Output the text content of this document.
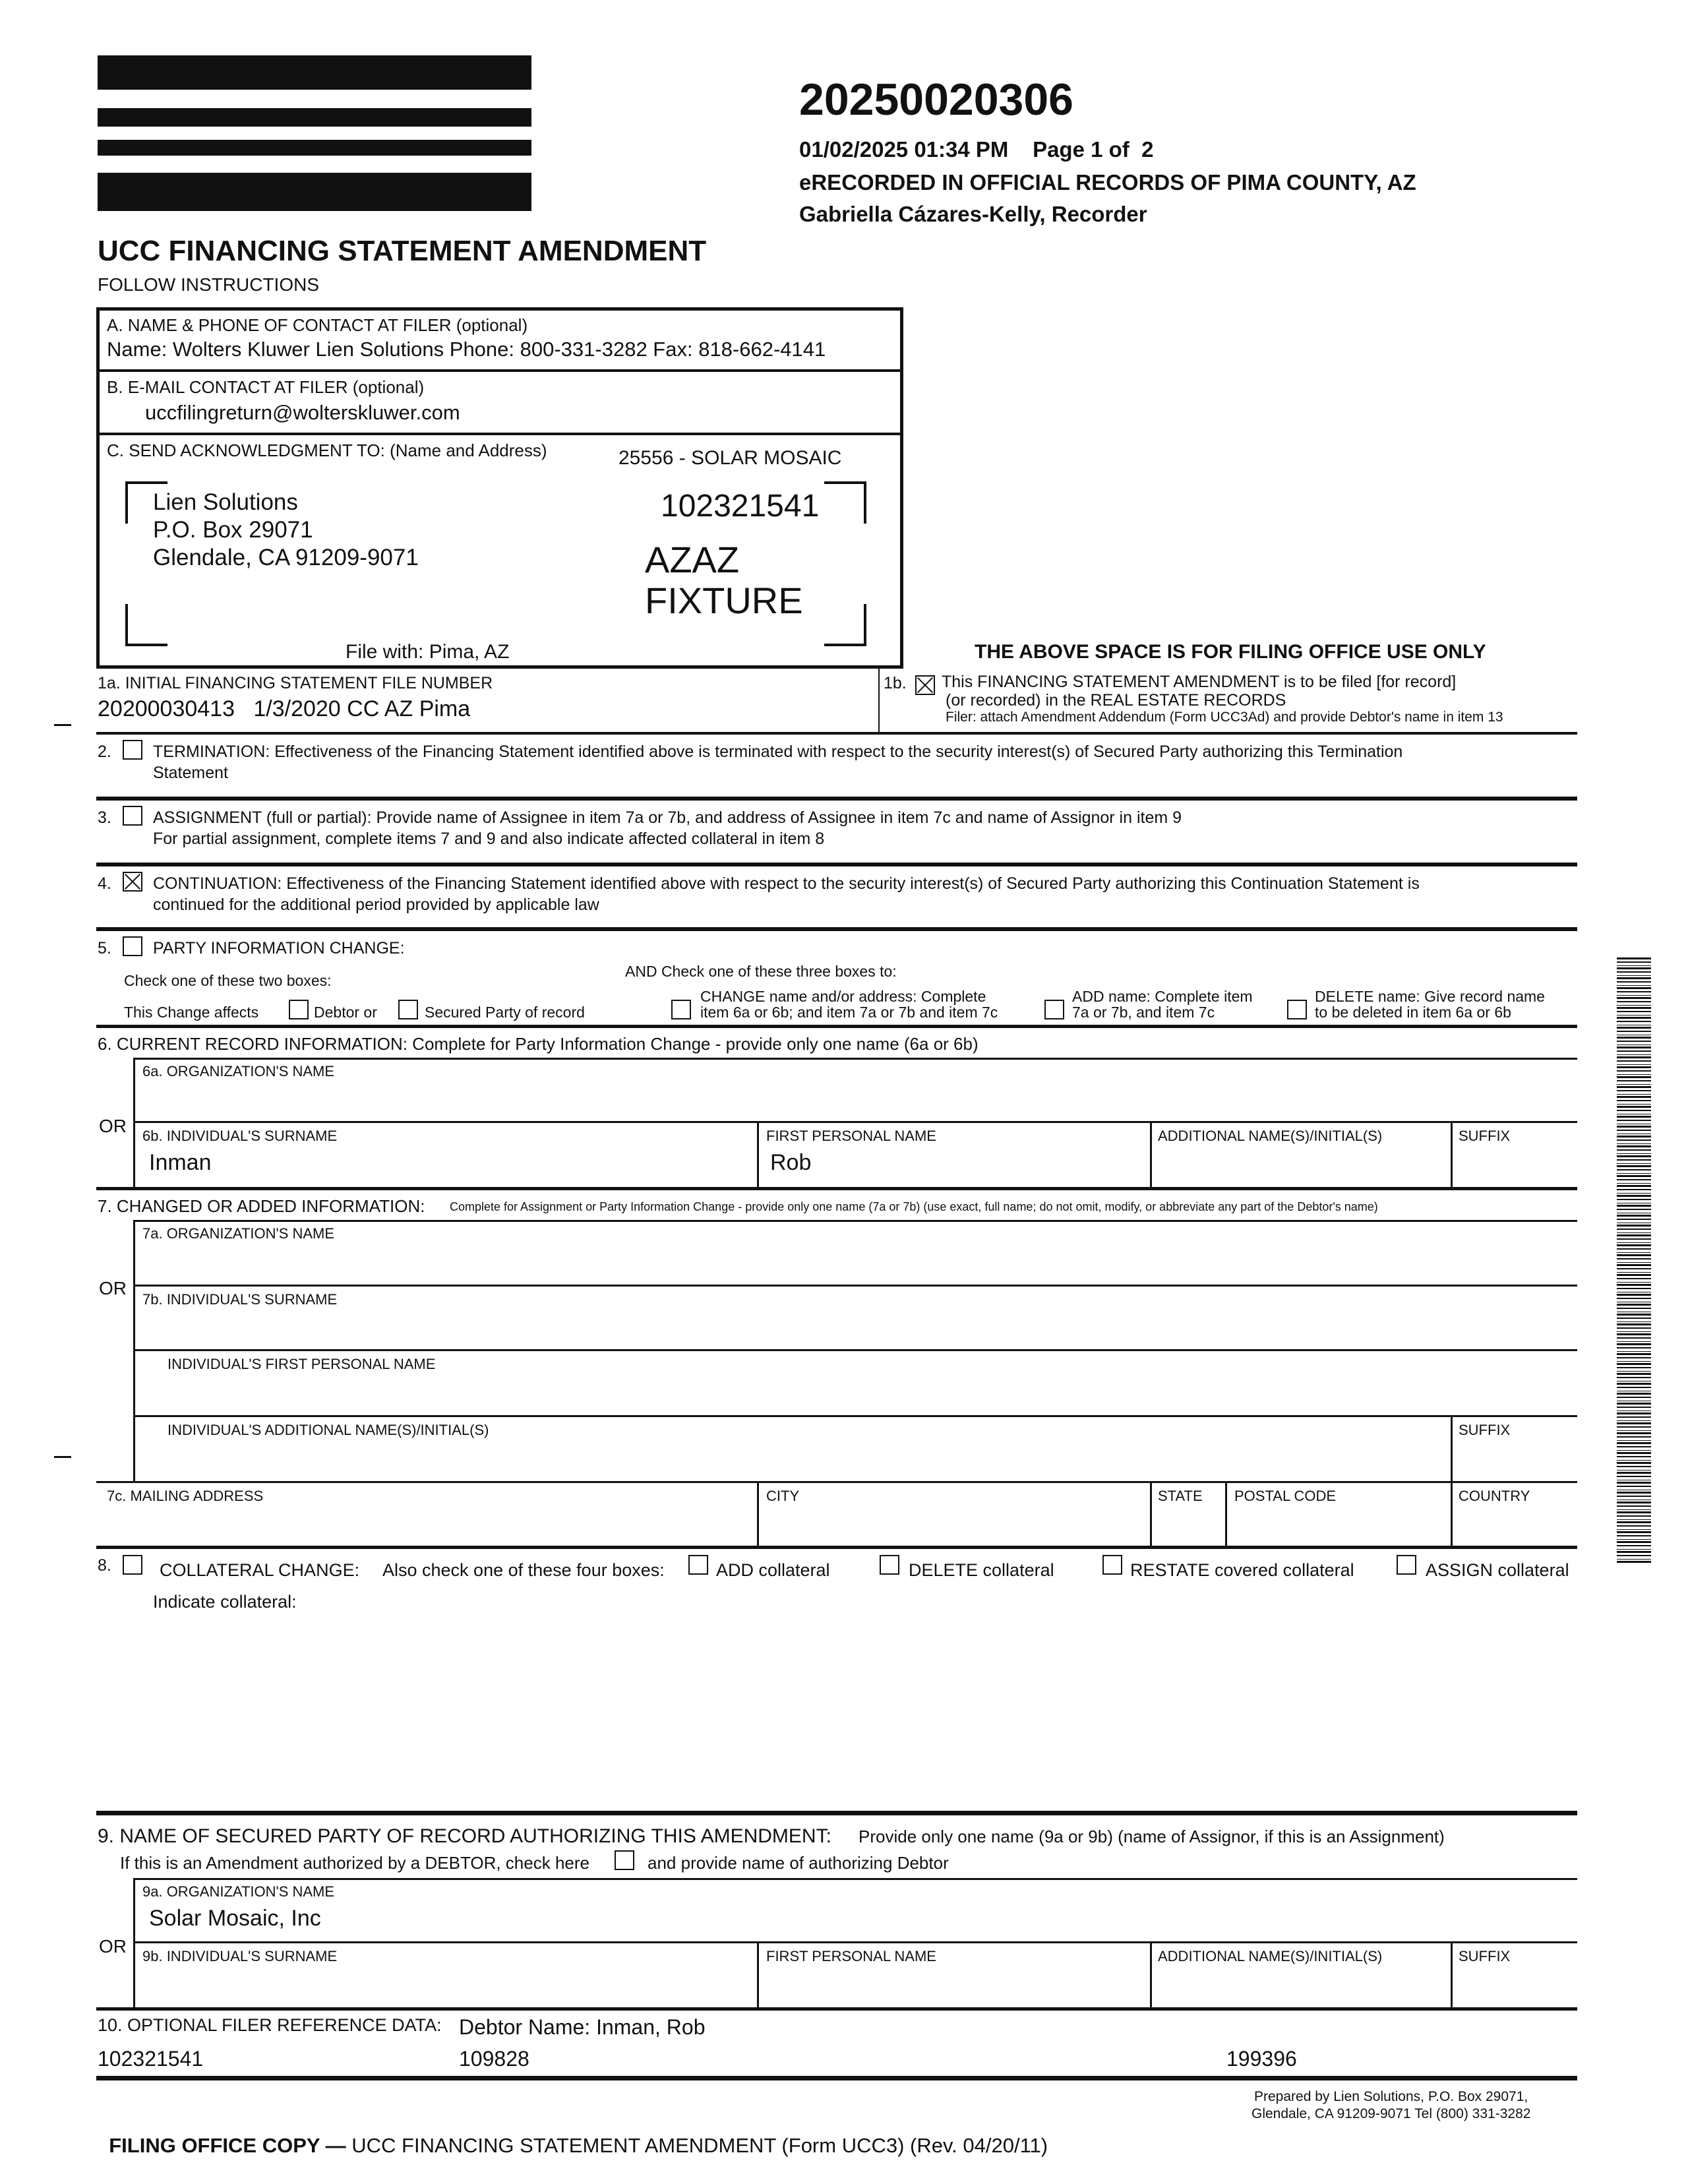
20250020306
01/02/2025 01:34 PM    Page 1 of  2
eRECORDED IN OFFICIAL RECORDS OF PIMA COUNTY, AZ
Gabriella Cázares-Kelly, Recorder
UCC FINANCING STATEMENT AMENDMENT
FOLLOW INSTRUCTIONS
A. NAME & PHONE OF CONTACT AT FILER (optional)
Name: Wolters Kluwer Lien Solutions Phone: 800-331-3282 Fax: 818-662-4141
B. E-MAIL CONTACT AT FILER (optional)
uccfilingreturn@wolterskluwer.com
C. SEND ACKNOWLEDGMENT TO: (Name and Address)	25556 - SOLAR MOSAIC
Lien Solutions
P.O. Box 29071
Glendale, CA 91209-9071
102321541
AZAZ
FIXTURE
File with: Pima, AZ	THE ABOVE SPACE IS FOR FILING OFFICE USE ONLY
1a. INITIAL FINANCING STATEMENT FILE NUMBER
20200030413   1/3/2020 CC AZ Pima
1b. This FINANCING STATEMENT AMENDMENT is to be filed [for record]
(or recorded) in the REAL ESTATE RECORDS
Filer: attach Amendment Addendum (Form UCC3Ad) and provide Debtor's name in item 13
2.	TERMINATION: Effectiveness of the Financing Statement identified above is terminated with respect to the security interest(s) of Secured Party authorizing this Termination
Statement
3.	ASSIGNMENT (full or partial): Provide name of Assignee in item 7a or 7b, and address of Assignee in item 7c and name of Assignor in item 9
For partial assignment, complete items 7 and 9 and also indicate affected collateral in item 8
4.	CONTINUATION: Effectiveness of the Financing Statement identified above with respect to the security interest(s) of Secured Party authorizing this Continuation Statement is
continued for the additional period provided by applicable law
5.	PARTY INFORMATION CHANGE:
Check one of these two boxes:
AND Check one of these three boxes to:
This Change affects	Debtor or	Secured Party of record
CHANGE name and/or address: Complete
item 6a or 6b; and item 7a or 7b and item 7c
ADD name: Complete item
7a or 7b, and item 7c
DELETE name: Give record name
to be deleted in item 6a or 6b
6. CURRENT RECORD INFORMATION: Complete for Party Information Change - provide only one name (6a or 6b)
6a. ORGANIZATION'S NAME
OR 6b. INDIVIDUAL'S SURNAME
Inman
FIRST PERSONAL NAME
Rob
ADDITIONAL NAME(S)/INITIAL(S)	SUFFIX
7. CHANGED OR ADDED INFORMATION: Complete for Assignment or Party Information Change - provide only one name (7a or 7b) (use exact, full name; do not omit, modify, or abbreviate any part of the Debtor's name)
7a. ORGANIZATION'S NAME
OR
7b. INDIVIDUAL'S SURNAME
INDIVIDUAL'S FIRST PERSONAL NAME
INDIVIDUAL'S ADDITIONAL NAME(S)/INITIAL(S)	SUFFIX
7c. MAILING ADDRESS	CITY	STATE POSTAL CODE	COUNTRY
8.	COLLATERAL CHANGE: Also check one of these four boxes:	ADD collateral	DELETE collateral	RESTATE covered collateral	ASSIGN collateral
Indicate collateral:
9. NAME OF SECURED PARTY OF RECORD AUTHORIZING THIS AMENDMENT: Provide only one name (9a or 9b) (name of Assignor, if this is an Assignment)
If this is an Amendment authorized by a DEBTOR, check here	and provide name of authorizing Debtor
9a. ORGANIZATION'S NAME
Solar Mosaic, Inc
OR 9b. INDIVIDUAL'S SURNAME	FIRST PERSONAL NAME	ADDITIONAL NAME(S)/INITIAL(S)	SUFFIX
10. OPTIONAL FILER REFERENCE DATA: Debtor Name: Inman, Rob
102321541	109828	199396

FILING OFFICE COPY — UCC FINANCING STATEMENT AMENDMENT (Form UCC3) (Rev. 04/20/11)

Prepared by Lien Solutions, P.O. Box 29071,
Glendale, CA 91209-9071 Tel (800) 331-3282
